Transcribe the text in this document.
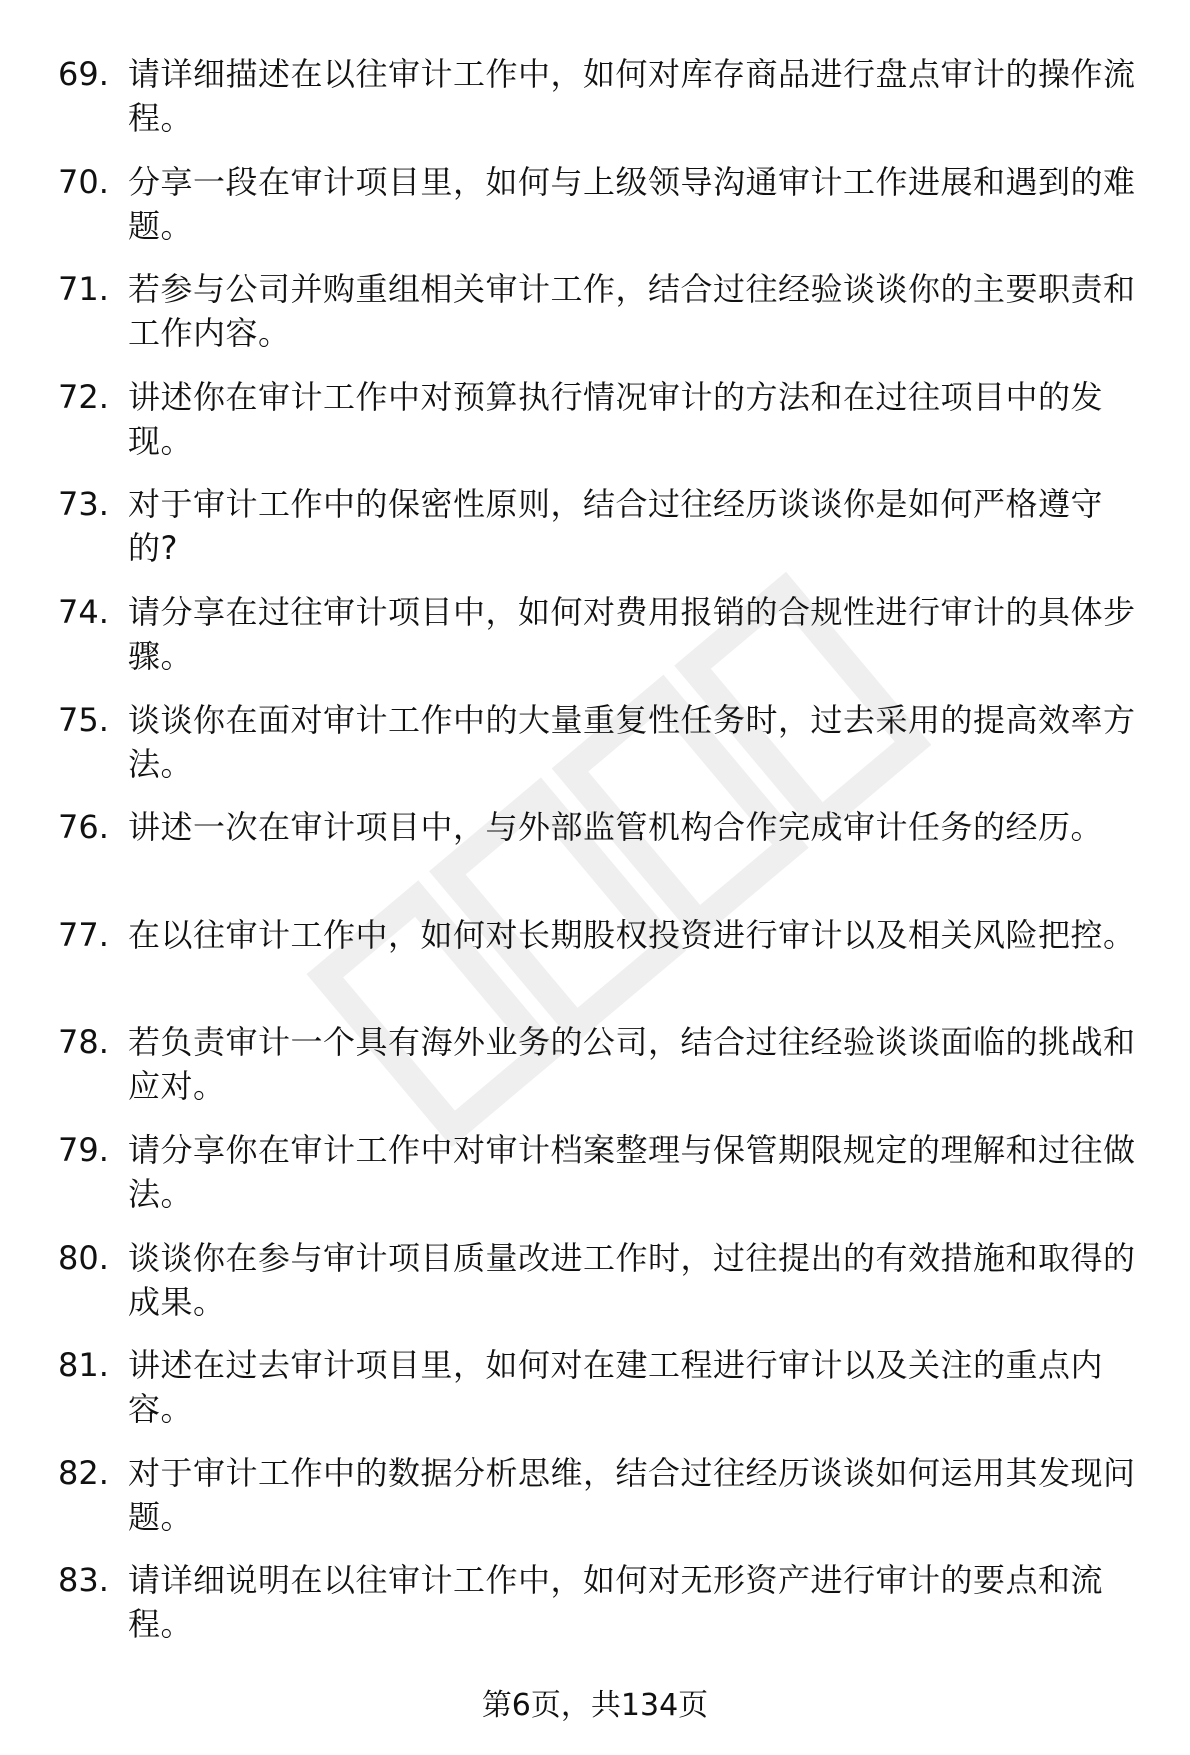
69. 请详细描述在以往审计工作中，如何对库存商品进行盘点审计的操作流程。
70. 分享一段在审计项目里，如何与上级领导沟通审计工作进展和遇到的难题。
71. 若参与公司并购重组相关审计工作，结合过往经验谈谈你的主要职责和工作内容。
72. 讲述你在审计工作中对预算执行情况审计的方法和在过往项目中的发现。
73. 对于审计工作中的保密性原则，结合过往经历谈谈你是如何严格遵守的?
74. 请分享在过往审计项目中，如何对费用报销的合规性进行审计的具体步骤。
75. 谈谈你在面对审计工作中的大量重复性任务时，过去采用的提高效率方法。
76. 讲述一次在审计项目中，与外部监管机构合作完成审计任务的经历。
77. 在以往审计工作中，如何对长期股权投资进行审计以及相关风险把控。
78. 若负责审计一个具有海外业务的公司，结合过往经验谈谈面临的挑战和应对。
79. 请分享你在审计工作中对审计档案整理与保管期限规定的理解和过往做法。
80. 谈谈你在参与审计项目质量改进工作时，过往提出的有效措施和取得的成果。
81. 讲述在过去审计项目里，如何对在建工程进行审计以及关注的重点内容。
82. 对于审计工作中的数据分析思维，结合过往经历谈谈如何运用其发现问题。
83. 请详细说明在以往审计工作中，如何对无形资产进行审计的要点和流程。
第6页，共134页
